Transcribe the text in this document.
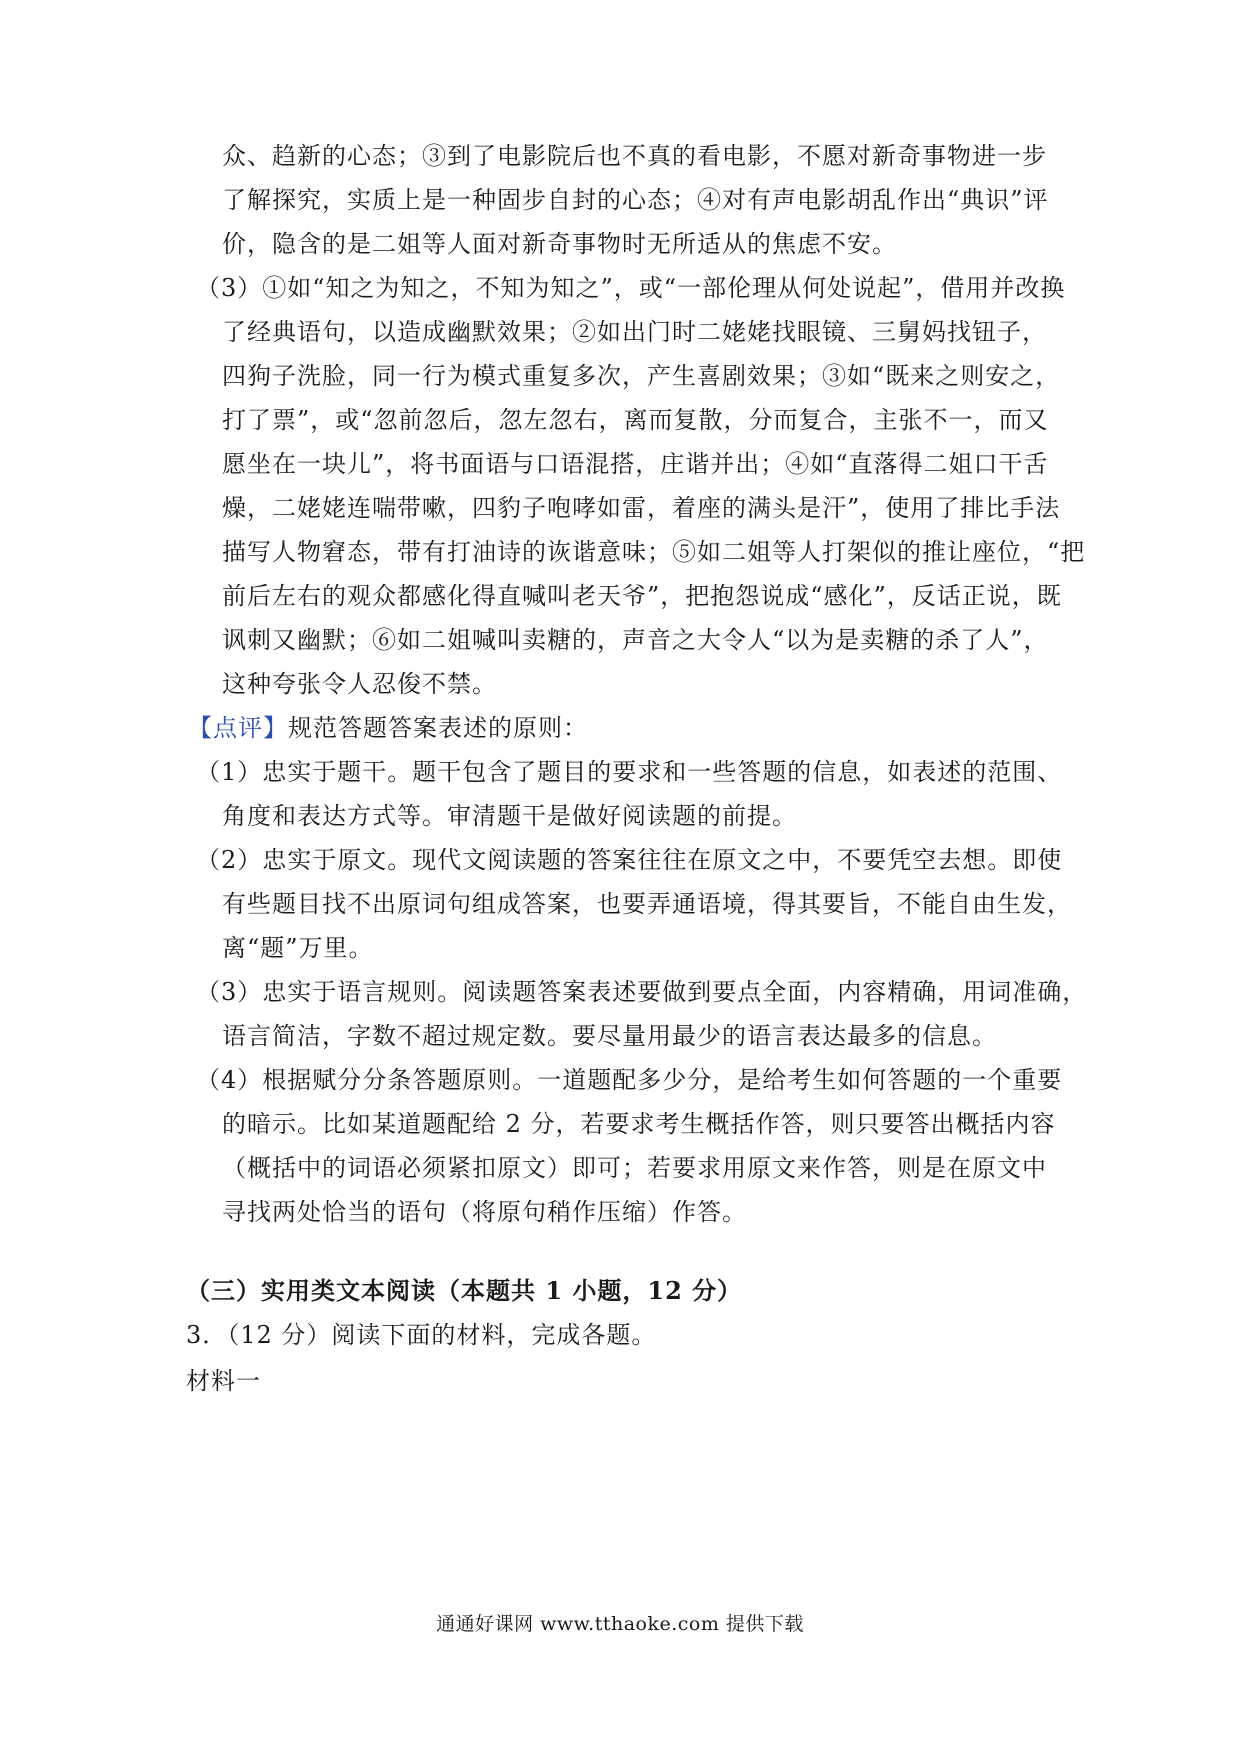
众、趋新的心态；③到了电影院后也不真的看电影，不愿对新奇事物进一步
了解探究，实质上是一种固步自封的心态；④对有声电影胡乱作出“典识”评
价，隐含的是二姐等人面对新奇事物时无所适从的焦虑不安。
（3）①如“知之为知之，不知为知之”，或“一部伦理从何处说起”，借用并改换
了经典语句，以造成幽默效果；②如出门时二姥姥找眼镜、三舅妈找钮子，
四狗子洗脸，同一行为模式重复多次，产生喜剧效果；③如“既来之则安之，
打了票”，或“忽前忽后，忽左忽右，离而复散，分而复合，主张不一，而又
愿坐在一块儿”，将书面语与口语混搭，庄谐并出；④如“直落得二姐口干舌
燥，二姥姥连喘带嗽，四豹子咆哮如雷，着座的满头是汗”，使用了排比手法
描写人物窘态，带有打油诗的诙谐意味；⑤如二姐等人打架似的推让座位，“把
前后左右的观众都感化得直喊叫老天爷”，把抱怨说成“感化”，反话正说，既
讽刺又幽默；⑥如二姐喊叫卖糖的，声音之大令人“以为是卖糖的杀了人”，
这种夸张令人忍俊不禁。
【点评】规范答题答案表述的原则：
（1）忠实于题干。题干包含了题目的要求和一些答题的信息，如表述的范围、
角度和表达方式等。审清题干是做好阅读题的前提。
（2）忠实于原文。现代文阅读题的答案往往在原文之中，不要凭空去想。即使
有些题目找不出原词句组成答案，也要弄通语境，得其要旨，不能自由生发，
离“题”万里。
（3）忠实于语言规则。阅读题答案表述要做到要点全面，内容精确，用词准确，
语言简洁，字数不超过规定数。要尽量用最少的语言表达最多的信息。
（4）根据赋分分条答题原则。一道题配多少分，是给考生如何答题的一个重要
的暗示。比如某道题配给 2 分，若要求考生概括作答，则只要答出概括内容
（概括中的词语必须紧扣原文）即可；若要求用原文来作答，则是在原文中
寻找两处恰当的语句（将原句稍作压缩）作答。
（三）实用类文本阅读（本题共 1 小题，12 分）
3．（12 分）阅读下面的材料，完成各题。
材料一
通通好课网 www.tthaoke.com 提供下载
